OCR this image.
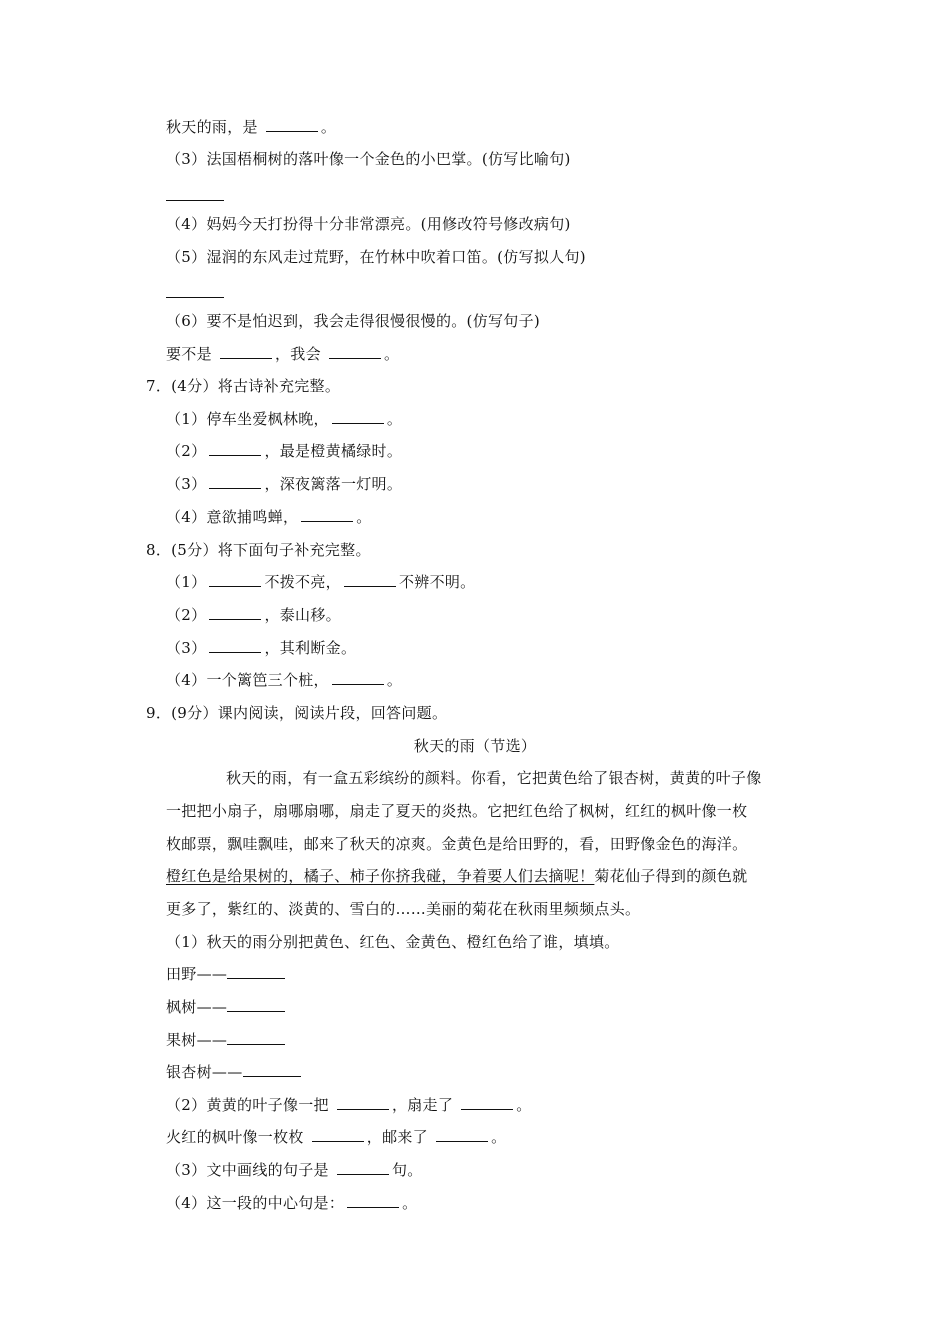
秋天的雨，是	。
（3）法国梧桐树的落叶像一个金色的小巴掌。(仿写比喻句)
（4）妈妈今天打扮得十分非常漂亮。(用修改符号修改病句)
（5）湿润的东风走过荒野，在竹林中吹着口笛。(仿写拟人句)
（6）要不是怕迟到，我会走得很慢很慢的。(仿写句子)
要不是	，我会	。
7．(4分）将古诗补充完整。
（1）停车坐爱枫林晚，	。
（2）	，最是橙黄橘绿时。
（3）	，深夜篱落一灯明。
（4）意欲捕鸣蝉，	。
8．(5分）将下面句子补充完整。
（1）	不拨不亮，	不辨不明。
（2）	，泰山移。
（3）	，其利断金。
（4）一个篱笆三个桩，	。
9．(9分）课内阅读，阅读片段，回答问题。
秋天的雨（节选）
秋天的雨，有一盒五彩缤纷的颜料。你看，它把黄色给了银杏树，黄黄的叶子像
一把把小扇子，扇哪扇哪，扇走了夏天的炎热。它把红色给了枫树，红红的枫叶像一枚
枚邮票，飘哇飘哇，邮来了秋天的凉爽。金黄色是给田野的，看，田野像金色的海洋。
橙红色是给果树的，橘子、柿子你挤我碰，争着要人们去摘呢！菊花仙子得到的颜色就
更多了，紫红的、淡黄的、雪白的……美丽的菊花在秋雨里频频点头。
（1）秋天的雨分别把黄色、红色、金黄色、橙红色给了谁，填填。
田野——
枫树——
果树——
银杏树——
（2）黄黄的叶子像一把	，扇走了	。
火红的枫叶像一枚枚	，邮来了	。
（3）文中画线的句子是	句。
（4）这一段的中心句是：	。
